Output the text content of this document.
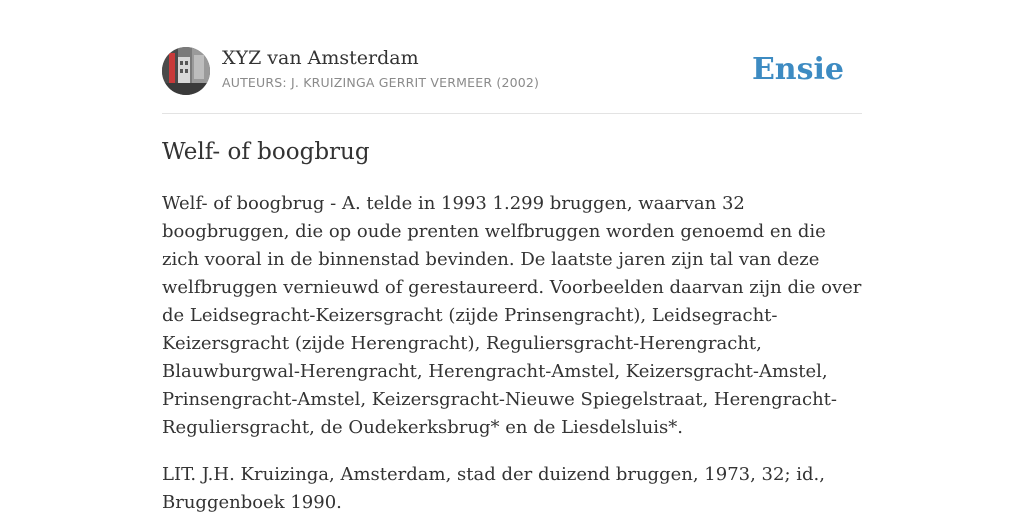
XYZ van Amsterdam
AUTEURS: J. KRUIZINGA GERRIT VERMEER (2002)	Ensie
Welf- of boogbrug

Welf- of boogbrug - A. telde in 1993 1.299 bruggen, waarvan 32 boogbruggen, die op oude prenten welfbruggen worden genoemd en die zich vooral in de binnenstad bevinden. De laatste jaren zijn tal van deze welfbruggen vernieuwd of gerestaureerd. Voorbeelden daarvan zijn die over de Leidsegracht-Keizersgracht (zijde Prinsengracht), Leidsegracht-Keizersgracht (zijde Herengracht), Reguliersgracht-Herengracht, Blauwburgwal-Herengracht, Herengracht-Amstel, Keizersgracht-Amstel, Prinsengracht-Amstel, Keizersgracht-Nieuwe Spiegelstraat, Herengracht-Reguliersgracht, de Oudekerksbrug* en de Liesdelsluis*.

LIT. J.H. Kruizinga, Amsterdam, stad der duizend bruggen, 1973, 32; id., Bruggenboek 1990.
